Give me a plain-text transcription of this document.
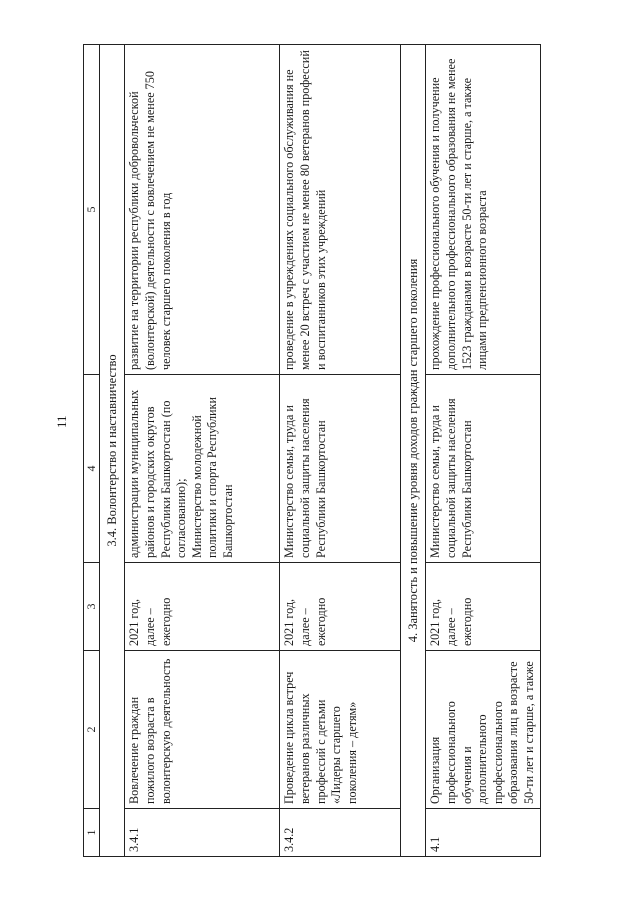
11
1	2	3	4	5
3.4. Волонтерство и наставничество				
3.4.1	Вовлечение граждан пожилого возраста в волонтерскую деятельность	2021 год,
далее –
ежегодно	администрации муниципальных районов и городских округов Республики Башкортостан (по согласованию);
Министерство молодежной политики и спорта Республики Башкортостан	развитие на территории республики добровольческой (волонтерской) деятельности с вовлечением не менее 750 человек старшего поколения в год
3.4.2	Проведение цикла встреч ветеранов различных профессий с детьми «Лидеры старшего поколения – детям»	2021 год,
далее –
ежегодно	Министерство семьи, труда и социальной защиты населения Республики Башкортостан	проведение в учреждениях социального обслуживания не менее 20 встреч с участием не менее 80 ветеранов профессий и воспитанников этих учреждений
4. Занятость и повышение уровня доходов граждан старшего поколения				
4.1	Организация профессионального обучения и дополнительного профессионального образования лиц в возрасте 50-ти лет и старше, а также	2021 год,
далее –
ежегодно	Министерство семьи, труда и социальной защиты населения Республики Башкортостан	прохождение профессионального обучения и получение дополнительного профессионального образования не менее 1523 гражданами в возрасте 50-ти лет и старше, а также лицами предпенсионного возраста
